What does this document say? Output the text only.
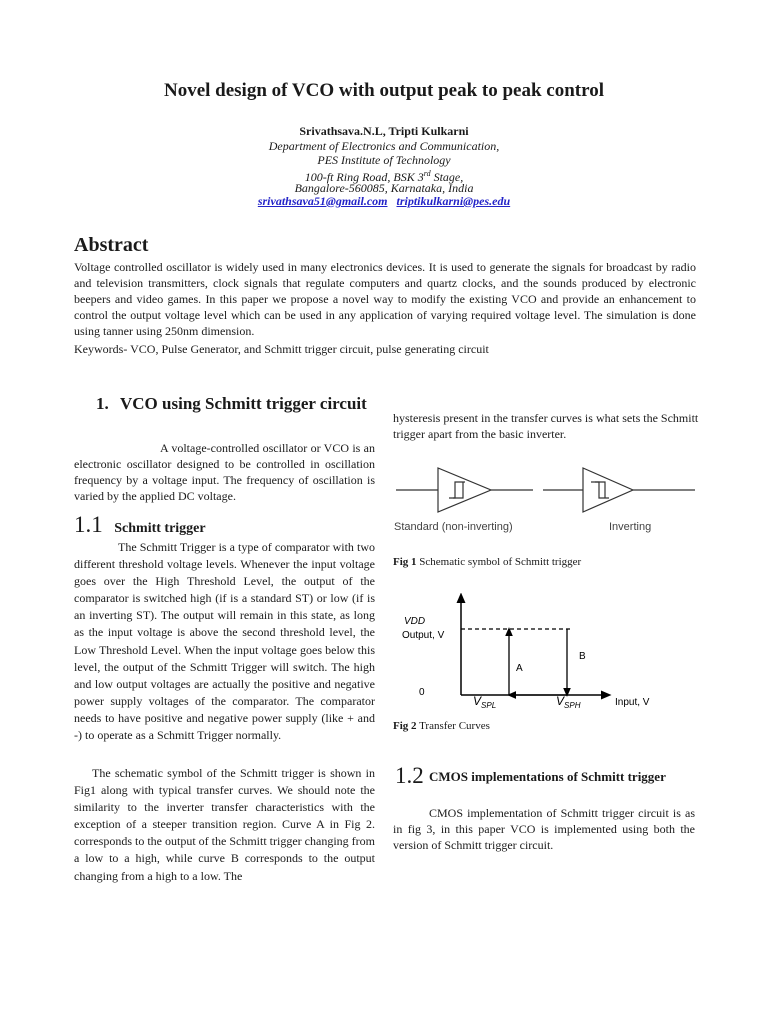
Novel design of VCO with output peak to peak control
Srivathsava.N.L, Tripti Kulkarni
Department of Electronics and Communication,
PES Institute of Technology
100-ft Ring Road, BSK 3rd Stage,
Bangalore-560085, Karnataka, India
srivathsava51@gmail.com triptikulkarni@pes.edu
Abstract
Voltage controlled oscillator is widely used in many electronics devices. It is used to generate the signals for broadcast by radio and television transmitters, clock signals that regulate computers and quartz clocks, and the sounds produced by electronic beepers and video games. In this paper we propose a novel way to modify the existing VCO and provide an enhancement to control the output voltage level which can be used in any application of varying required voltage level. The simulation is done using tanner using 250nm dimension.
Keywords- VCO, Pulse Generator, and Schmitt trigger circuit, pulse generating circuit
1. VCO using Schmitt trigger circuit
A voltage-controlled oscillator or VCO is an electronic oscillator designed to be controlled in oscillation frequency by a voltage input. The frequency of oscillation is varied by the applied DC voltage.
1.1 Schmitt trigger
The Schmitt Trigger is a type of comparator with two different threshold voltage levels. Whenever the input voltage goes over the High Threshold Level, the output of the comparator is switched high (if is a standard ST) or low (if is an inverting ST). The output will remain in this state, as long as the input voltage is above the second threshold level, the Low Threshold Level. When the input voltage goes below this level, the output of the Schmitt Trigger will switch. The high and low output voltages are actually the positive and negative power supply voltages of the comparator. The comparator needs to have positive and negative power supply (like + and -) to operate as a Schmitt Trigger normally.
The schematic symbol of the Schmitt trigger is shown in Fig1 along with typical transfer curves. We should note the similarity to the inverter transfer characteristics with the exception of a steeper transition region. Curve A in Fig 2. corresponds to the output of the Schmitt trigger changing from a low to a high, while curve B corresponds to the output changing from a high to a low. The
hysteresis present in the transfer curves is what sets the Schmitt trigger apart from the basic inverter.
Standard (non-inverting)	Inverting
Fig 1 Schematic symbol of Schmitt trigger
VDD
Output, V
0
A
B
$V_{SPL}$	$V_{SPH}$	Input, V
Fig 2 Transfer Curves
1.2 CMOS implementations of Schmitt trigger
CMOS implementation of Schmitt trigger circuit is as in fig 3, in this paper VCO is implemented using both the version of Schmitt trigger circuit.
